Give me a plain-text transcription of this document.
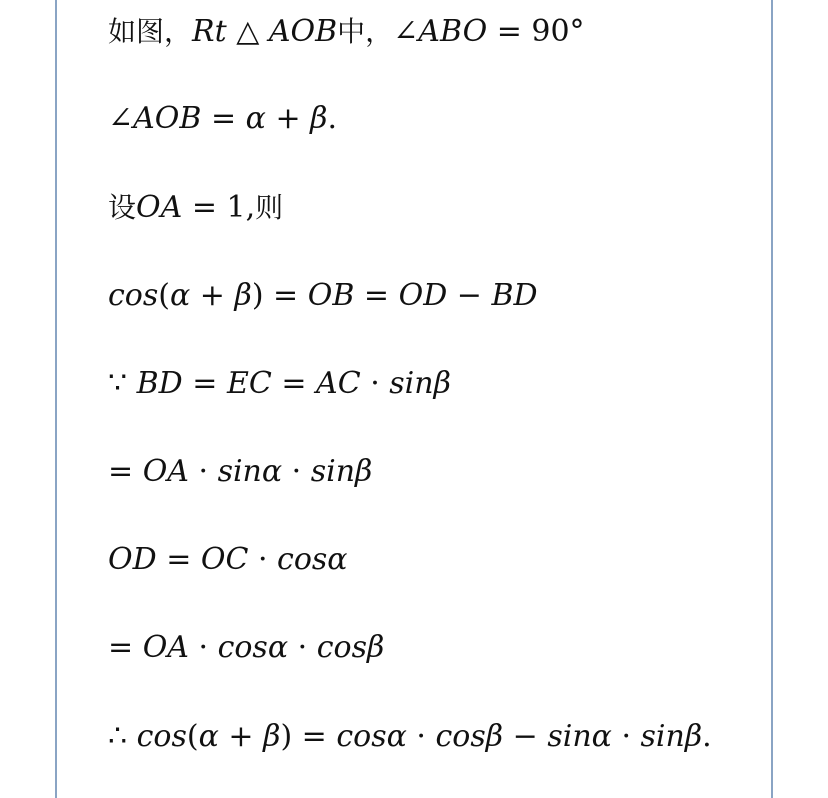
如图，Rt △ AOB中，∠ABO = 90°
∠AOB = α + β.
设OA = 1,则
cos(α + β) = OB = OD − BD
∵ BD = EC = AC · sinβ
= OA · sinα · sinβ
OD = OC · cosα
= OA · cosα · cosβ
∴ cos(α + β) = cosα · cosβ − sinα · sinβ.
